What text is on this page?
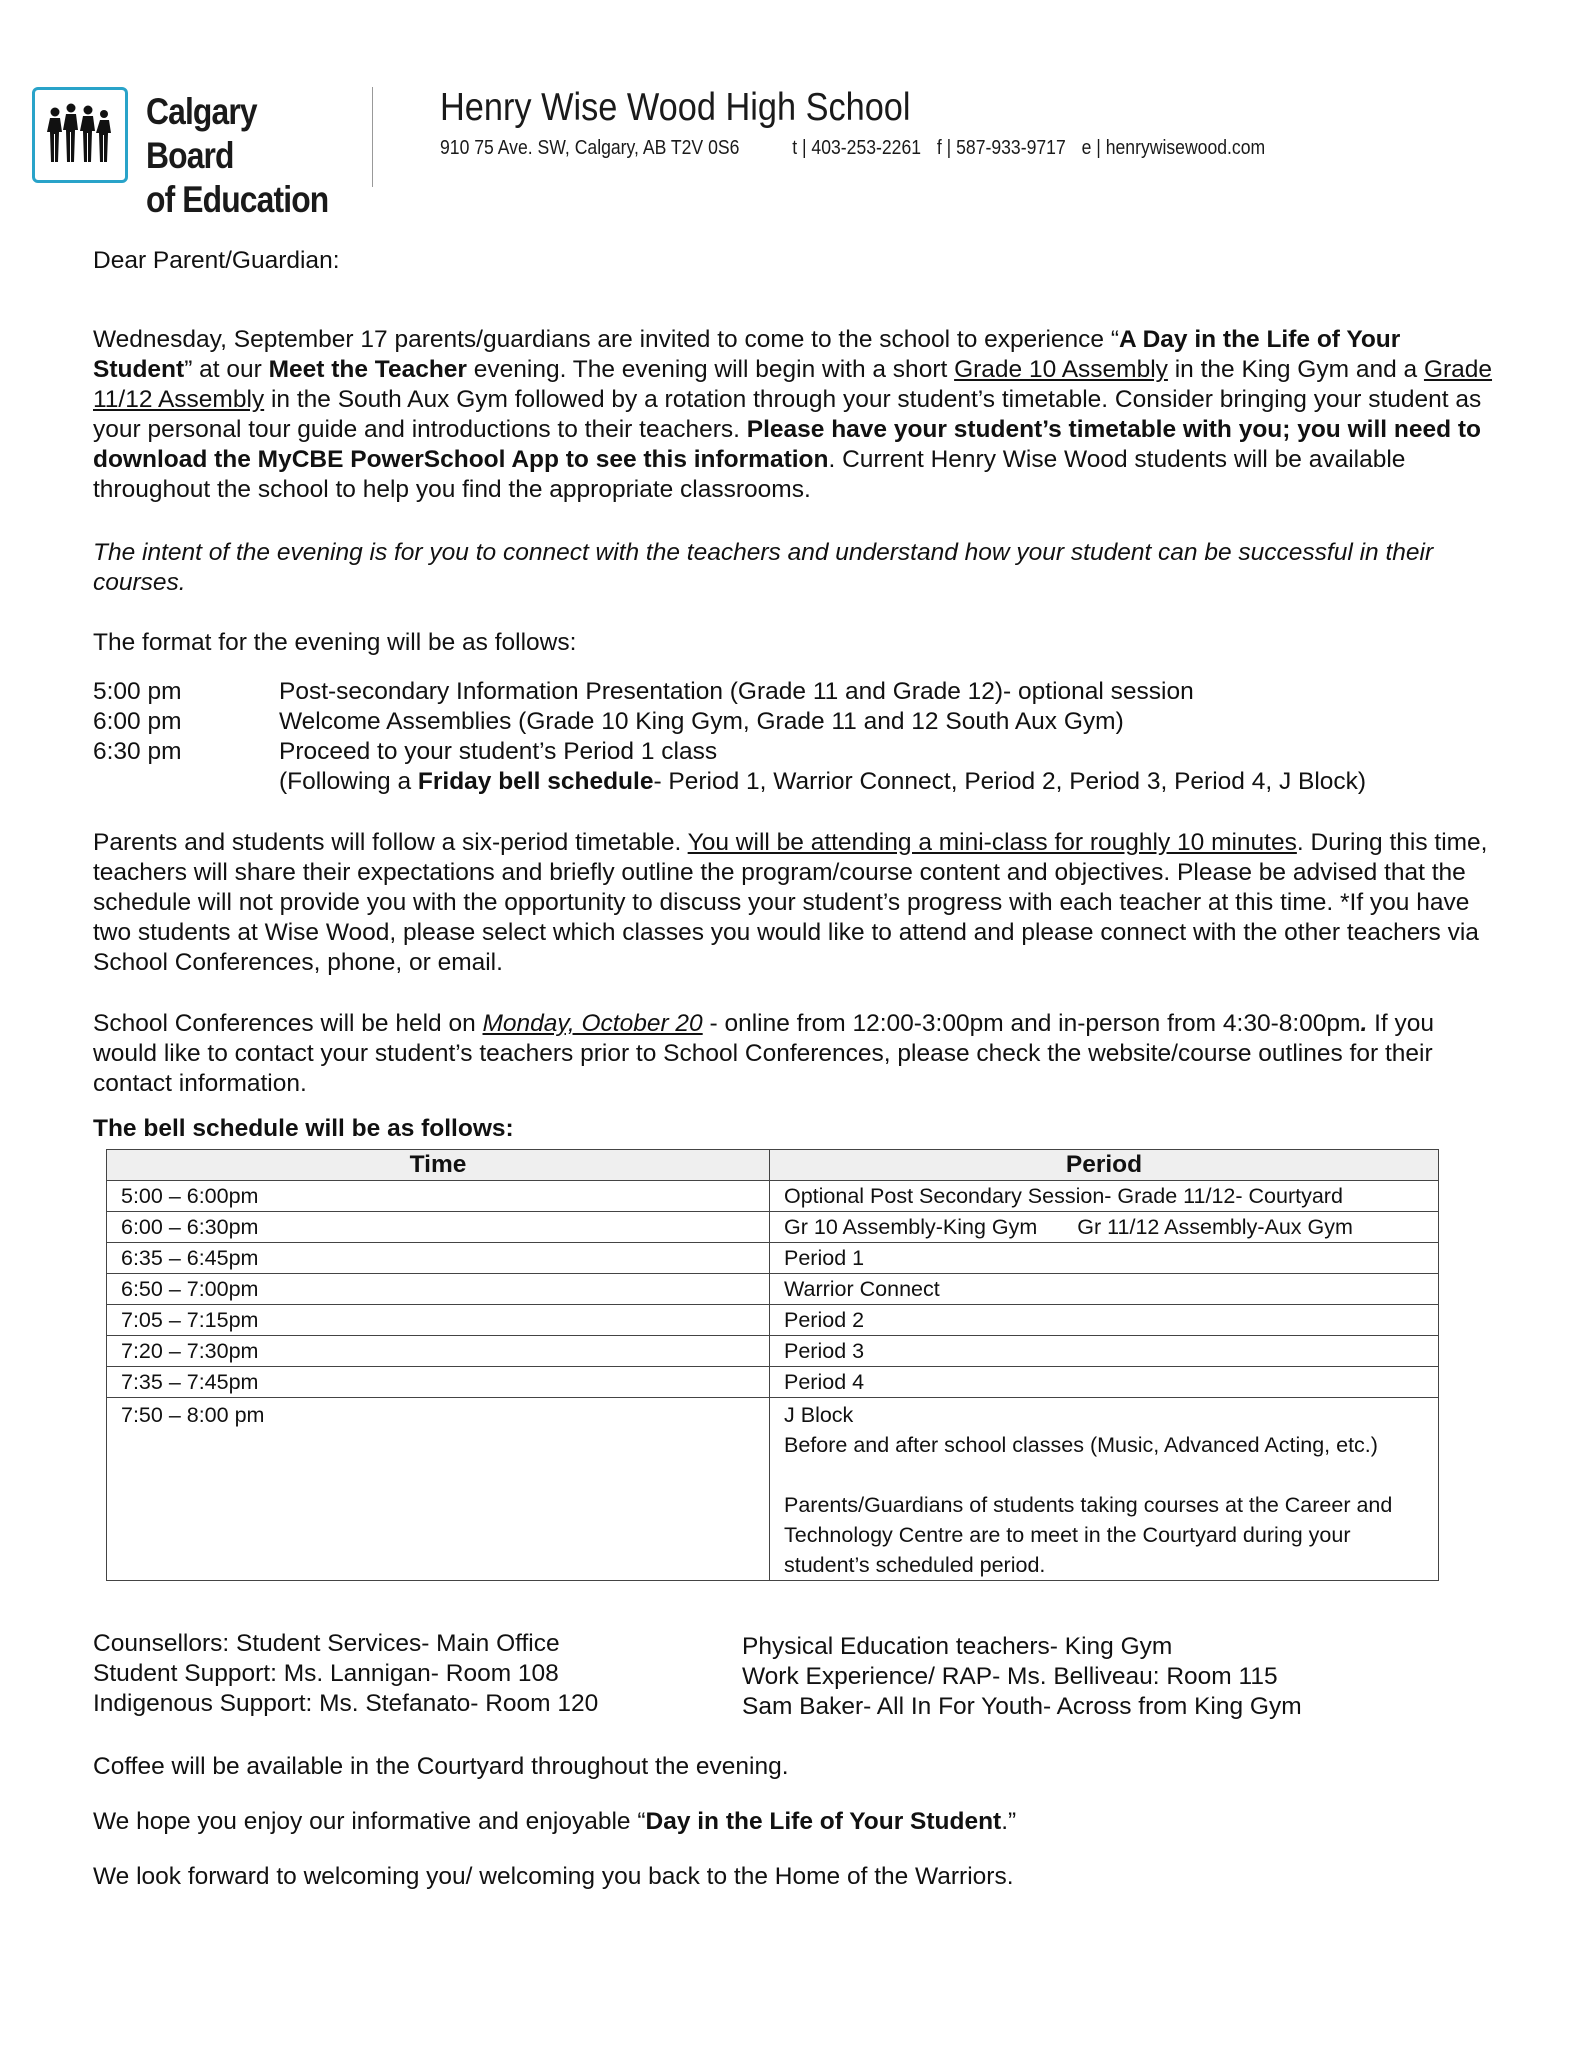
Calgary Board
of Education
Henry Wise Wood High School
910 75 Ave. SW, Calgary, AB T2V 0S6	t | 403-253-2261 f | 587-933-9717 e | henrywisewood.com
Dear Parent/Guardian:

Wednesday, September 17 parents/guardians are invited to come to the school to experience “A Day in the Life of Your Student” at our Meet the Teacher evening. The evening will begin with a short Grade 10 Assembly in the King Gym and a Grade 11/12 Assembly in the South Aux Gym followed by a rotation through your student’s timetable. Consider bringing your student as your personal tour guide and introductions to their teachers. Please have your student’s timetable with you; you will need to download the MyCBE PowerSchool App to see this information. Current Henry Wise Wood students will be available throughout the school to help you find the appropriate classrooms.

The intent of the evening is for you to connect with the teachers and understand how your student can be successful in their courses.

The format for the evening will be as follows:
5:00 pm	Post-secondary Information Presentation (Grade 11 and Grade 12)- optional session
6:00 pm	Welcome Assemblies (Grade 10 King Gym, Grade 11 and 12 South Aux Gym)
6:30 pm	Proceed to your student’s Period 1 class
(Following a Friday bell schedule- Period 1, Warrior Connect, Period 2, Period 3, Period 4, J Block)

Parents and students will follow a six-period timetable. You will be attending a mini-class for roughly 10 minutes. During this time, teachers will share their expectations and briefly outline the program/course content and objectives. Please be advised that the schedule will not provide you with the opportunity to discuss your student’s progress with each teacher at this time. *If you have two students at Wise Wood, please select which classes you would like to attend and please connect with the other teachers via School Conferences, phone, or email.

School Conferences will be held on Monday, October 20 - online from 12:00-3:00pm and in-person from 4:30-8:00pm. If you would like to contact your student’s teachers prior to School Conferences, please check the website/course outlines for their contact information.

The bell schedule will be as follows:
Time	Period
5:00 – 6:00pm	Optional Post Secondary Session- Grade 11/12- Courtyard
6:00 – 6:30pm	Gr 10 Assembly-King Gym Gr 11/12 Assembly-Aux Gym
6:35 – 6:45pm	Period 1
6:50 – 7:00pm	Warrior Connect
7:05 – 7:15pm	Period 2
7:20 – 7:30pm	Period 3
7:35 – 7:45pm	Period 4
7:50 – 8:00 pm	J Block
Before and after school classes (Music, Advanced Acting, etc.)
Parents/Guardians of students taking courses at the Career and Technology Centre are to meet in the Courtyard during your student’s scheduled period.
Counsellors: Student Services- Main Office
Student Support: Ms. Lannigan- Room 108
Indigenous Support: Ms. Stefanato- Room 120
Physical Education teachers- King Gym
Work Experience/ RAP- Ms. Belliveau: Room 115
Sam Baker- All In For Youth- Across from King Gym
Coffee will be available in the Courtyard throughout the evening.
We hope you enjoy our informative and enjoyable “Day in the Life of Your Student.”
We look forward to welcoming you/ welcoming you back to the Home of the Warriors.
